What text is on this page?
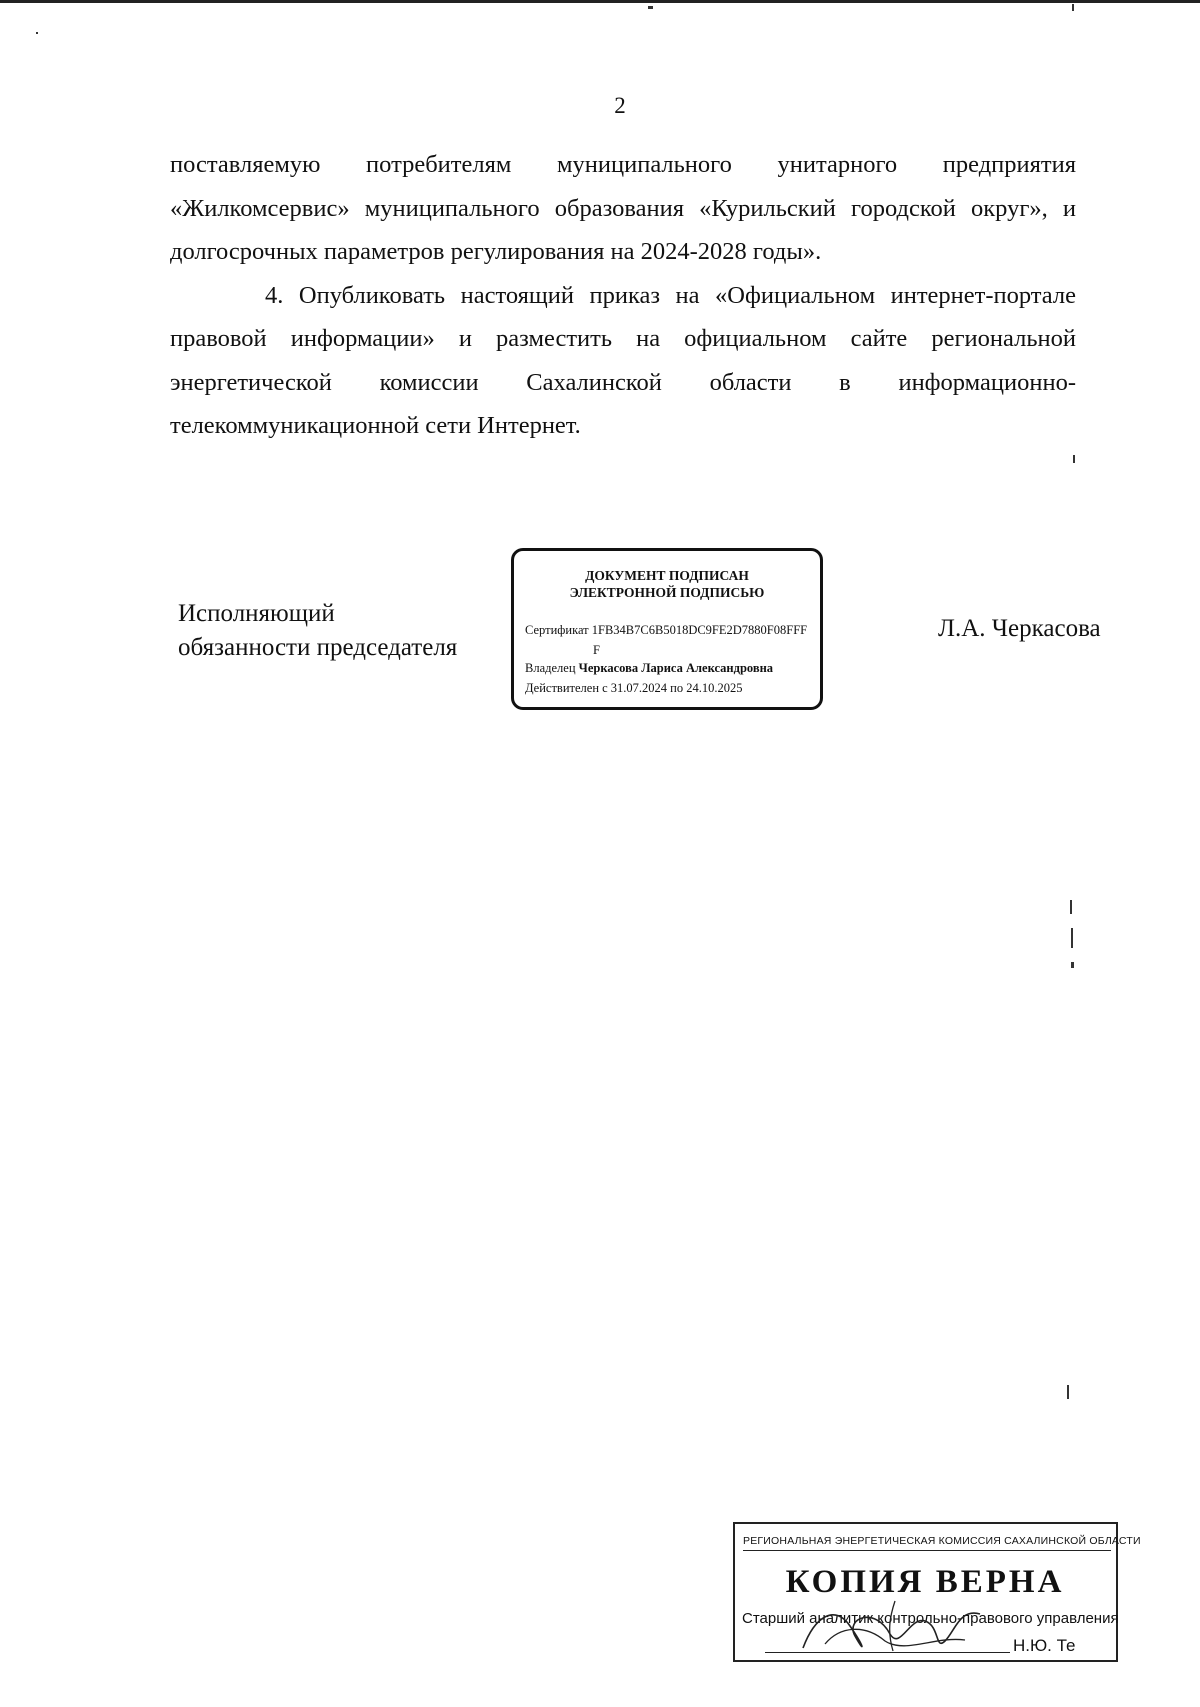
2

поставляемую потребителям муниципального унитарного предприятия «Жилкомсервис» муниципального образования «Курильский городской округ», и долгосрочных параметров регулирования на 2024-2028 годы».

4. Опубликовать настоящий приказ на «Официальном интернет-портале правовой информации» и разместить на официальном сайте региональной энергетической комиссии Сахалинской области в информационно-телекоммуникационной сети Интернет.

Исполняющий
обязанности председателя
ДОКУМЕНТ ПОДПИСАН
ЭЛЕКТРОННОЙ ПОДПИСЬЮ
Сертификат 1FB34B7C6B5018DC9FE2D7880F08FFF
F
Владелец Черкасова Лариса Александровна
Действителен с 31.07.2024 по 24.10.2025
Л.А. Черкасова
РЕГИОНАЛЬНАЯ ЭНЕРГЕТИЧЕСКАЯ КОМИССИЯ САХАЛИНСКОЙ ОБЛАСТИ
КОПИЯ ВЕРНА
Старший аналитик контрольно-правового управления
Н.Ю. Те
